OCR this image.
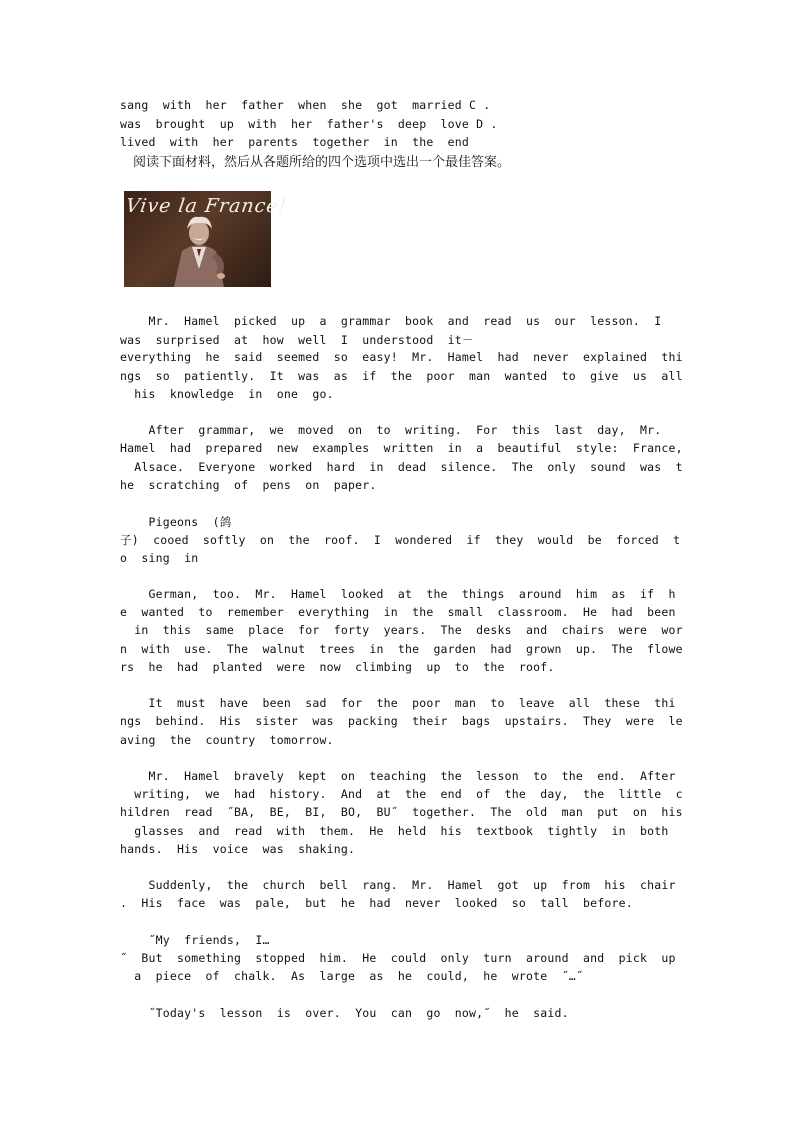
sang  with  her  father  when  she  got  married C .
was  brought  up  with  her  father's  deep  love D .
lived  with  her  parents  together  in  the  end
阅读下面材料，然后从各题所给的四个选项中选出一个最佳答案。
Vive la France!
Mr.  Hamel  picked  up  a  grammar  book  and  read  us  our  lesson.  I
was  surprised  at  how  well  I  understood  it－
everything  he  said  seemed  so  easy!  Mr.  Hamel  had  never  explained  thi
ngs  so  patiently.  It  was  as  if  the  poor  man  wanted  to  give  us  all
his  knowledge  in  one  go.
After  grammar,  we  moved  on  to  writing.  For  this  last  day,  Mr.
Hamel  had  prepared  new  examples  written  in  a  beautiful  style:  France,
Alsace.  Everyone  worked  hard  in  dead  silence.  The  only  sound  was  t
he  scratching  of  pens  on  paper.
Pigeons  (鸽
子)  cooed  softly  on  the  roof.  I  wondered  if  they  would  be  forced  t
o  sing  in
German,  too.  Mr.  Hamel  looked  at  the  things  around  him  as  if  h
e  wanted  to  remember  everything  in  the  small  classroom.  He  had  been
in  this  same  place  for  forty  years.  The  desks  and  chairs  were  wor
n  with  use.  The  walnut  trees  in  the  garden  had  grown  up.  The  flowe
rs  he  had  planted  were  now  climbing  up  to  the  roof.
It  must  have  been  sad  for  the  poor  man  to  leave  all  these  thi
ngs  behind.  His  sister  was  packing  their  bags  upstairs.  They  were  le
aving  the  country  tomorrow.
Mr.  Hamel  bravely  kept  on  teaching  the  lesson  to  the  end.  After
writing,  we  had  history.  And  at  the  end  of  the  day,  the  little  c
hildren  read  ˝BA,  BE,  BI,  BO,  BU˝  together.  The  old  man  put  on  his
glasses  and  read  with  them.  He  held  his  textbook  tightly  in  both
hands.  His  voice  was  shaking.
Suddenly,  the  church  bell  rang.  Mr.  Hamel  got  up  from  his  chair
.  His  face  was  pale,  but  he  had  never  looked  so  tall  before.
˝My  friends,  I…
˝  But  something  stopped  him.  He  could  only  turn  around  and  pick  up
a  piece  of  chalk.  As  large  as  he  could,  he  wrote  ˝…˝
˝Today's  lesson  is  over.  You  can  go  now,˝  he  said.
